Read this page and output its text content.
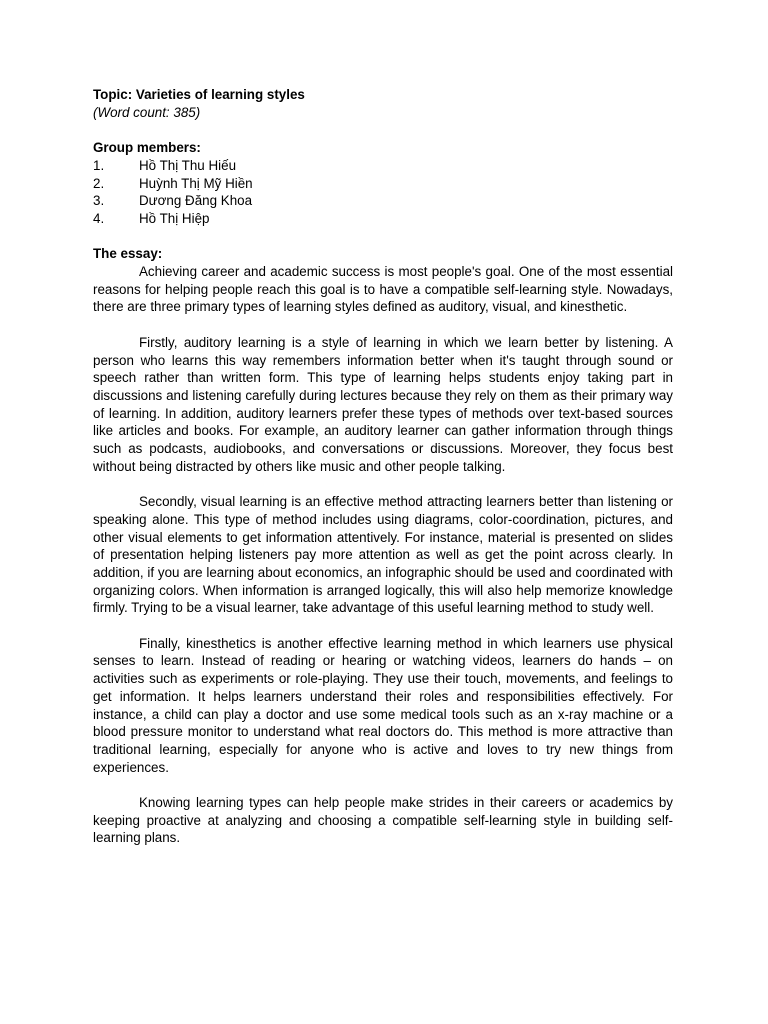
Topic: Varieties of learning styles
(Word count: 385)
Group members:
1.	Hồ Thị Thu Hiếu
2.	Huỳnh Thị Mỹ Hiền
3.	Dương Đăng Khoa
4.	Hồ Thị Hiệp
The essay:

Achieving career and academic success is most people's goal. One of the most essential reasons for helping people reach this goal is to have a compatible self-learning style. Nowadays, there are three primary types of learning styles defined as auditory, visual, and kinesthetic.

Firstly, auditory learning is a style of learning in which we learn better by listening. A person who learns this way remembers information better when it's taught through sound or speech rather than written form. This type of learning helps students enjoy taking part in discussions and listening carefully during lectures because they rely on them as their primary way of learning. In addition, auditory learners prefer these types of methods over text-based sources like articles and books. For example, an auditory learner can gather information through things such as podcasts, audiobooks, and conversations or discussions. Moreover, they focus best without being distracted by others like music and other people talking.

Secondly, visual learning is an effective method attracting learners better than listening or speaking alone. This type of method includes using diagrams, color-coordination, pictures, and other visual elements to get information attentively. For instance, material is presented on slides of presentation helping listeners pay more attention as well as get the point across clearly. In addition, if you are learning about economics, an infographic should be used and coordinated with organizing colors. When information is arranged logically, this will also help memorize knowledge firmly. Trying to be a visual learner, take advantage of this useful learning method to study well.

Finally, kinesthetics is another effective learning method in which learners use physical senses to learn. Instead of reading or hearing or watching videos, learners do hands – on activities such as experiments or role-playing. They use their touch, movements, and feelings to get information. It helps learners understand their roles and responsibilities effectively. For instance, a child can play a doctor and use some medical tools such as an x-ray machine or a blood pressure monitor to understand what real doctors do. This method is more attractive than traditional learning, especially for anyone who is active and loves to try new things from experiences.

Knowing learning types can help people make strides in their careers or academics by keeping proactive at analyzing and choosing a compatible self-learning style in building self-learning plans.
